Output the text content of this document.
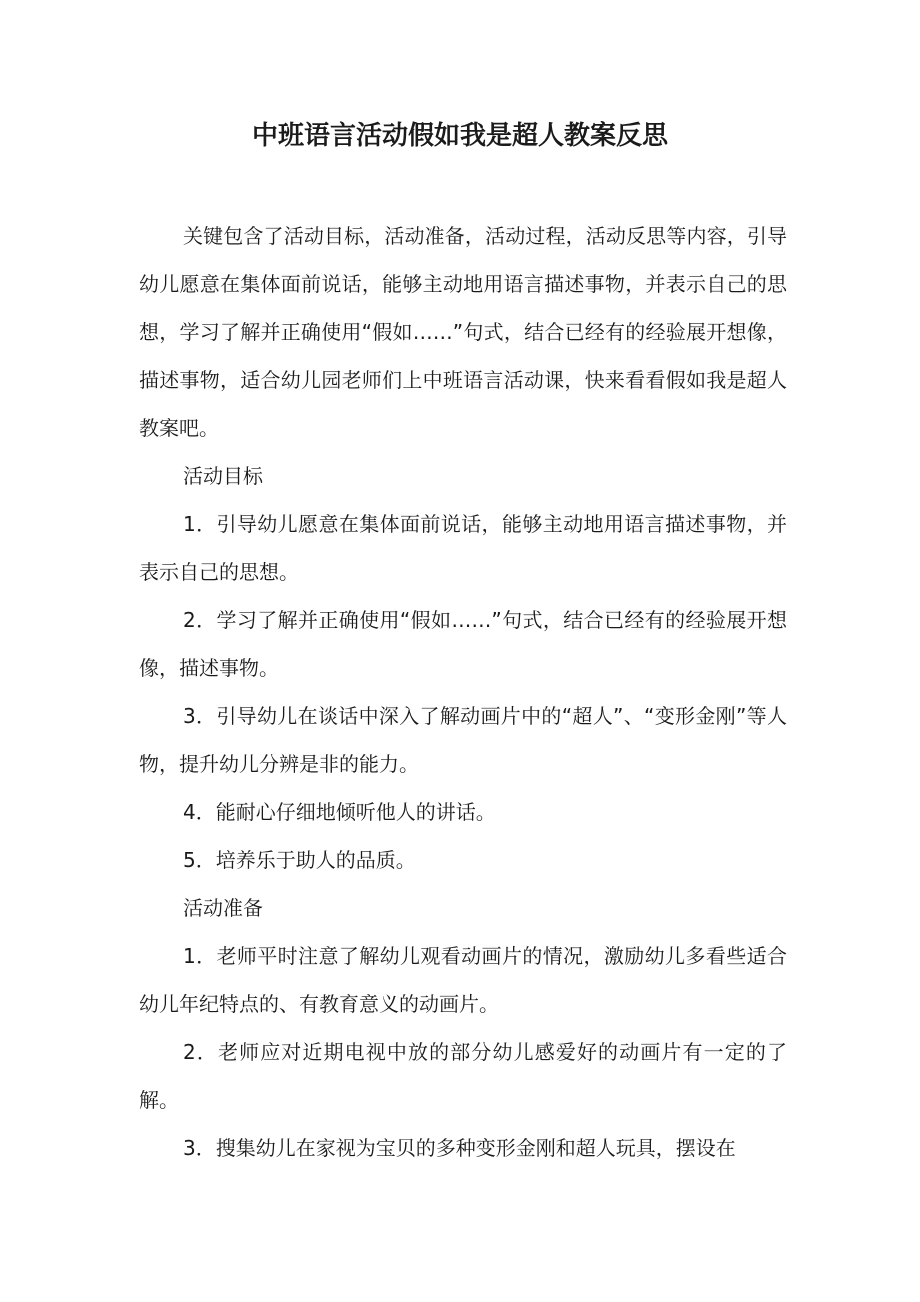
中班语言活动假如我是超人教案反思

关键包含了活动目标，活动准备，活动过程，活动反思等内容，引导幼儿愿意在集体面前说话，能够主动地用语言描述事物，并表示自己的思想，学习了解并正确使用“假如……”句式，结合已经有的经验展开想像，描述事物，适合幼儿园老师们上中班语言活动课，快来看看假如我是超人教案吧。

活动目标

1．引导幼儿愿意在集体面前说话，能够主动地用语言描述事物，并表示自己的思想。

2．学习了解并正确使用“假如……”句式，结合已经有的经验展开想像，描述事物。

3．引导幼儿在谈话中深入了解动画片中的“超人”、“变形金刚”等人物，提升幼儿分辨是非的能力。

4．能耐心仔细地倾听他人的讲话。

5．培养乐于助人的品质。

活动准备

1．老师平时注意了解幼儿观看动画片的情况，激励幼儿多看些适合幼儿年纪特点的、有教育意义的动画片。

2．老师应对近期电视中放的部分幼儿感爱好的动画片有一定的了解。

3．搜集幼儿在家视为宝贝的多种变形金刚和超人玩具，摆设在
